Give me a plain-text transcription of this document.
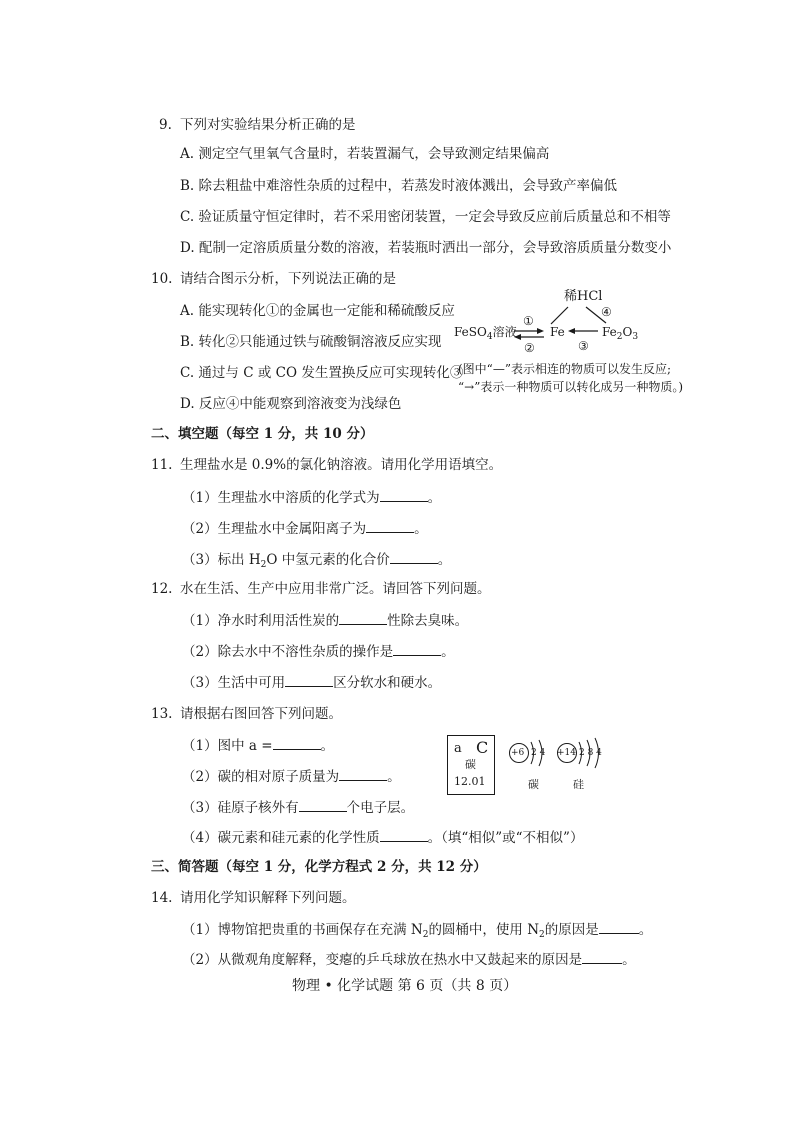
9. 下列对实验结果分析正确的是
A. 测定空气里氧气含量时，若装置漏气，会导致测定结果偏高
B. 除去粗盐中难溶性杂质的过程中，若蒸发时液体溅出，会导致产率偏低
C. 验证质量守恒定律时，若不采用密闭装置，一定会导致反应前后质量总和不相等
D. 配制一定溶质质量分数的溶液，若装瓶时洒出一部分，会导致溶质质量分数变小
10. 请结合图示分析，下列说法正确的是
A. 能实现转化①的金属也一定能和稀硫酸反应
B. 转化②只能通过铁与硫酸铜溶液反应实现
C. 通过与 C 或 CO 发生置换反应可实现转化③
D. 反应④中能观察到溶液变为浅绿色
稀HCl
④
①
FeSO$_4$溶液	Fe	$Fe_2O_3$
②	③
(图中“—”表示相连的物质可以发生反应;
“→”表示一种物质可以转化成另一种物质。)
二、填空题（每空 1 分，共 10 分）
11. 生理盐水是 0.9%的氯化钠溶液。请用化学用语填空。
（1）生理盐水中溶质的化学式为	。
（2）生理盐水中金属阳离子为	。
（3）标出 $H_2O$ 中氢元素的化合价	。
12. 水在生活、生产中应用非常广泛。请回答下列问题。
（1）净水时利用活性炭的	性除去臭味。
（2）除去水中不溶性杂质的操作是	。
（3）生活中可用	区分软水和硬水。
13. 请根据右图回答下列问题。
（1）图中 a =	。
（2）碳的相对原子质量为	。
（3）硅原子核外有	个电子层。
（4）碳元素和硅元素的化学性质	。（填“相似”或“不相似”）
a C
碳
12.01
+6 2 4
碳
+14 2 8 4
硅
三、简答题（每空 1 分，化学方程式 2 分，共 12 分）
14. 请用化学知识解释下列问题。
（1）博物馆把贵重的书画保存在充满 $N_2$的圆桶中，使用 $N_2$的原因是	。
（2）从微观角度解释，变瘪的乒乓球放在热水中又鼓起来的原因是	。
物理 • 化学试题 第 6 页（共 8 页）
